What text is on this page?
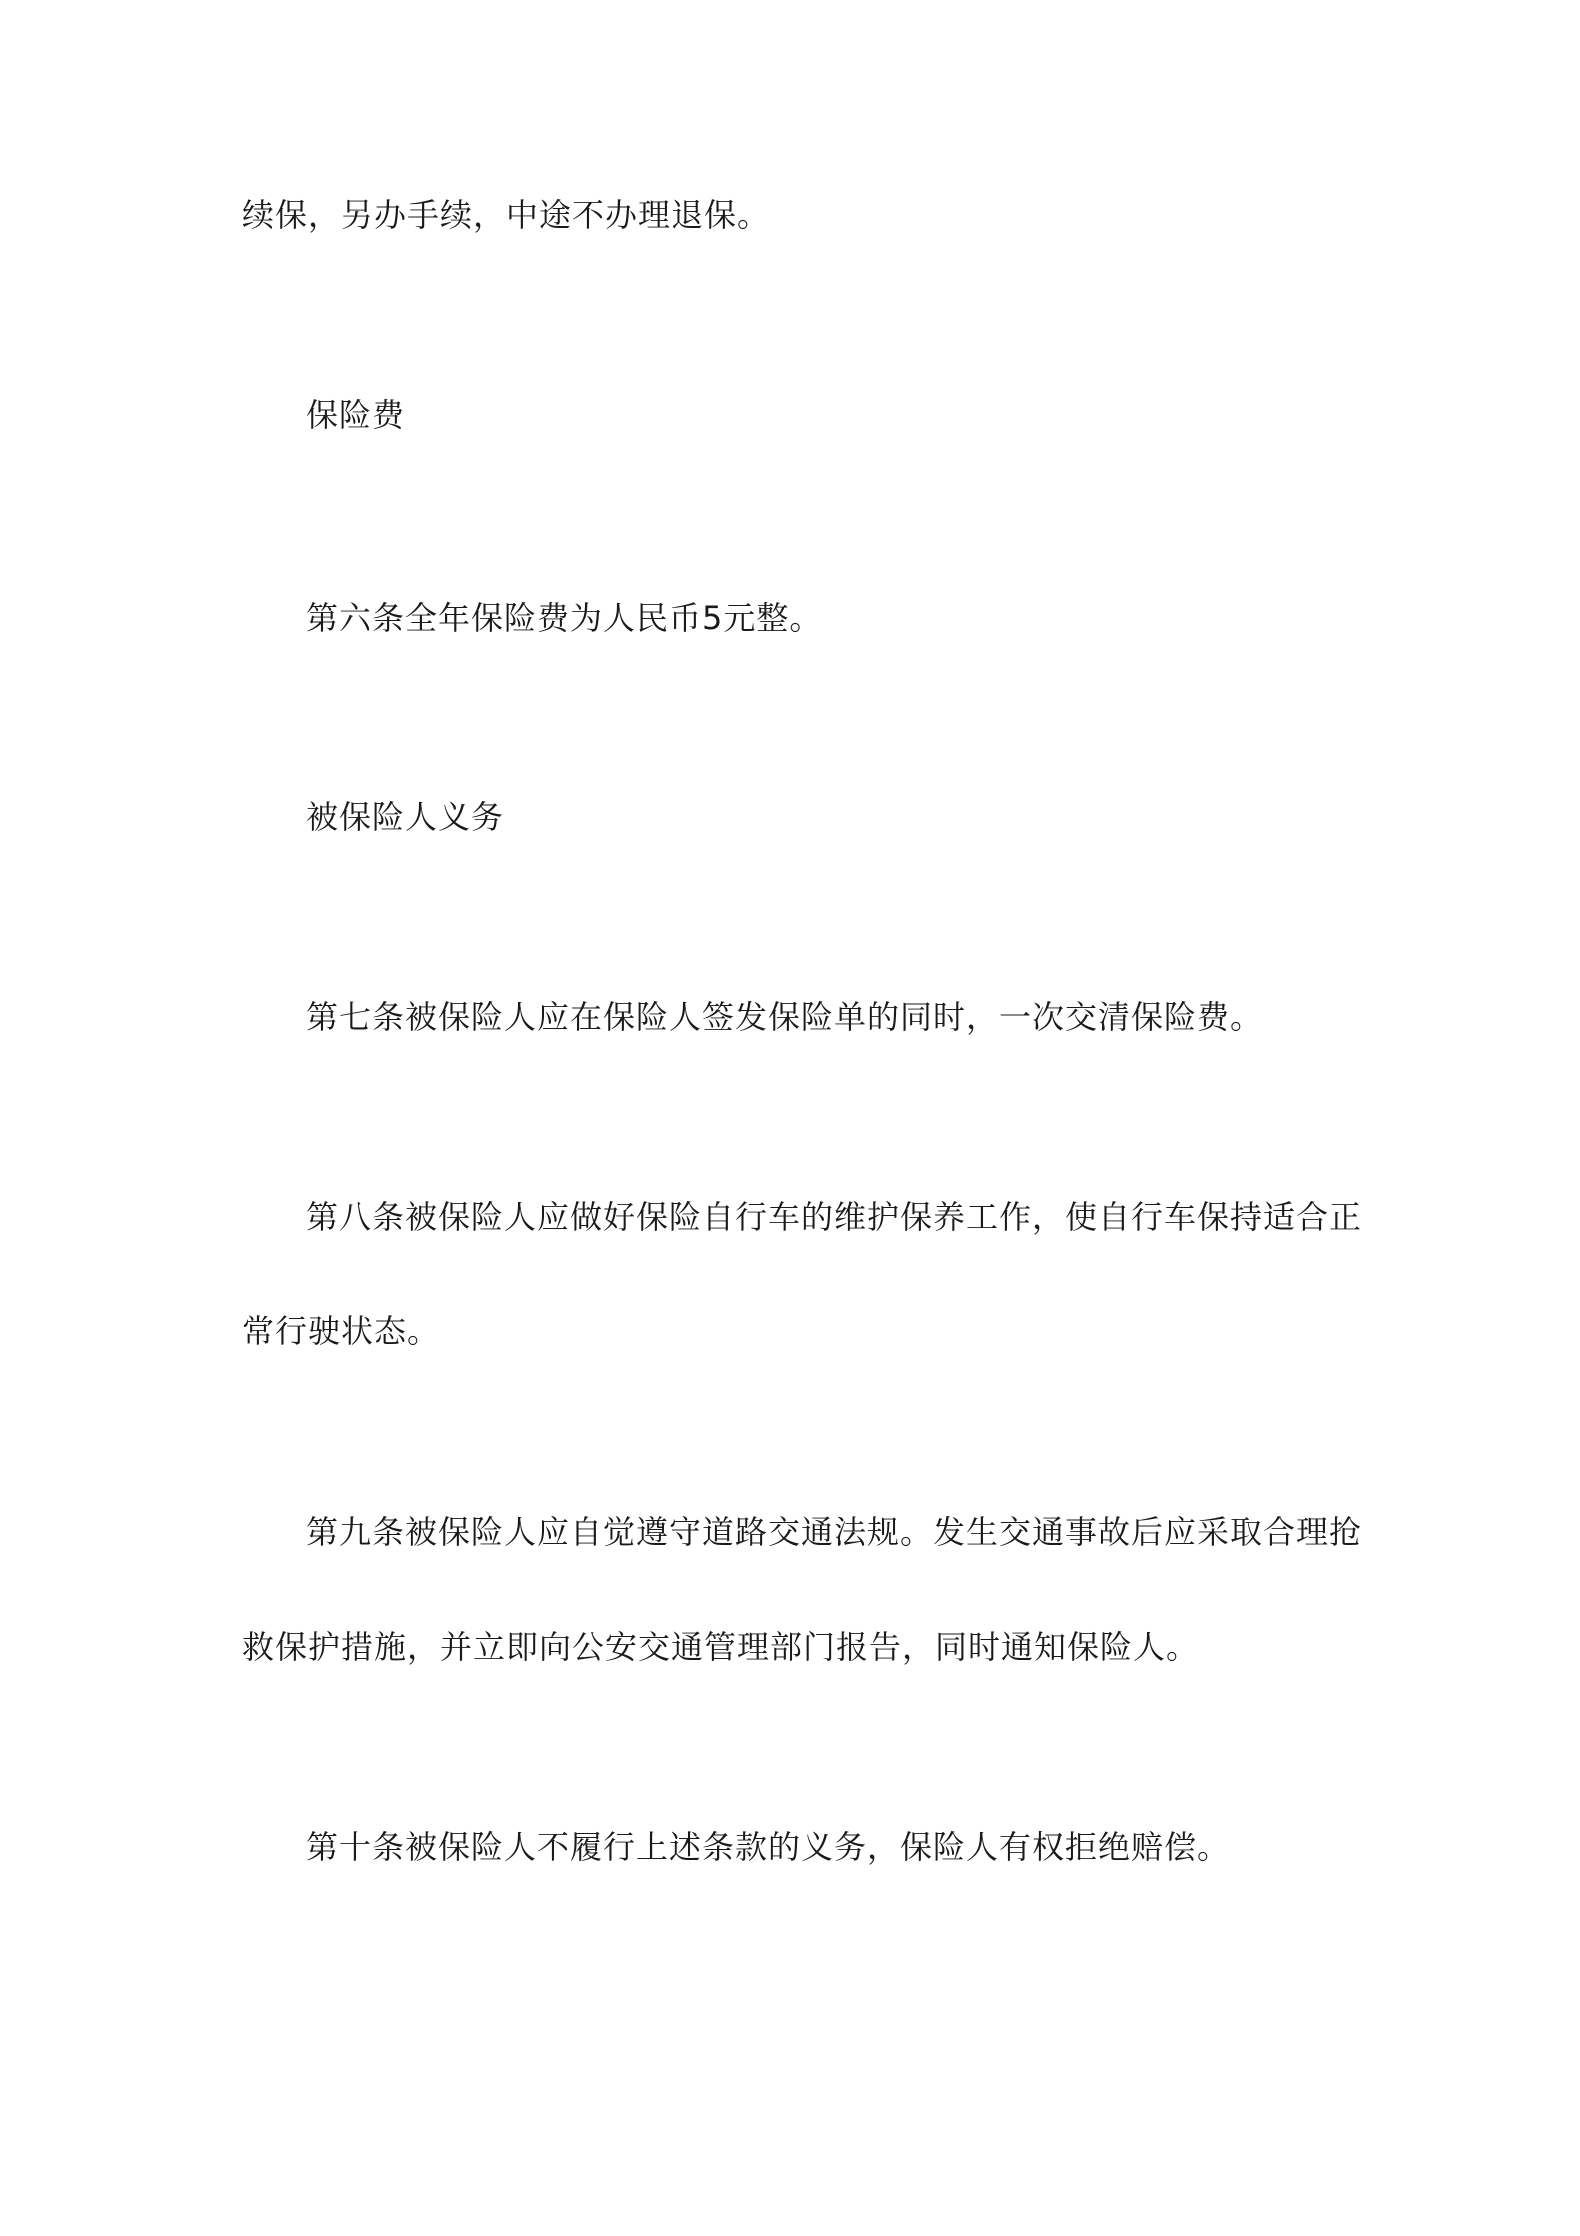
续保，另办手续，中途不办理退保。
保险费
第六条全年保险费为人民币5元整。
被保险人义务
第七条被保险人应在保险人签发保险单的同时，一次交清保险费。
第八条被保险人应做好保险自行车的维护保养工作，使自行车保持适合正
常行驶状态。
第九条被保险人应自觉遵守道路交通法规。发生交通事故后应采取合理抢
救保护措施，并立即向公安交通管理部门报告，同时通知保险人。
第十条被保险人不履行上述条款的义务，保险人有权拒绝赔偿。
